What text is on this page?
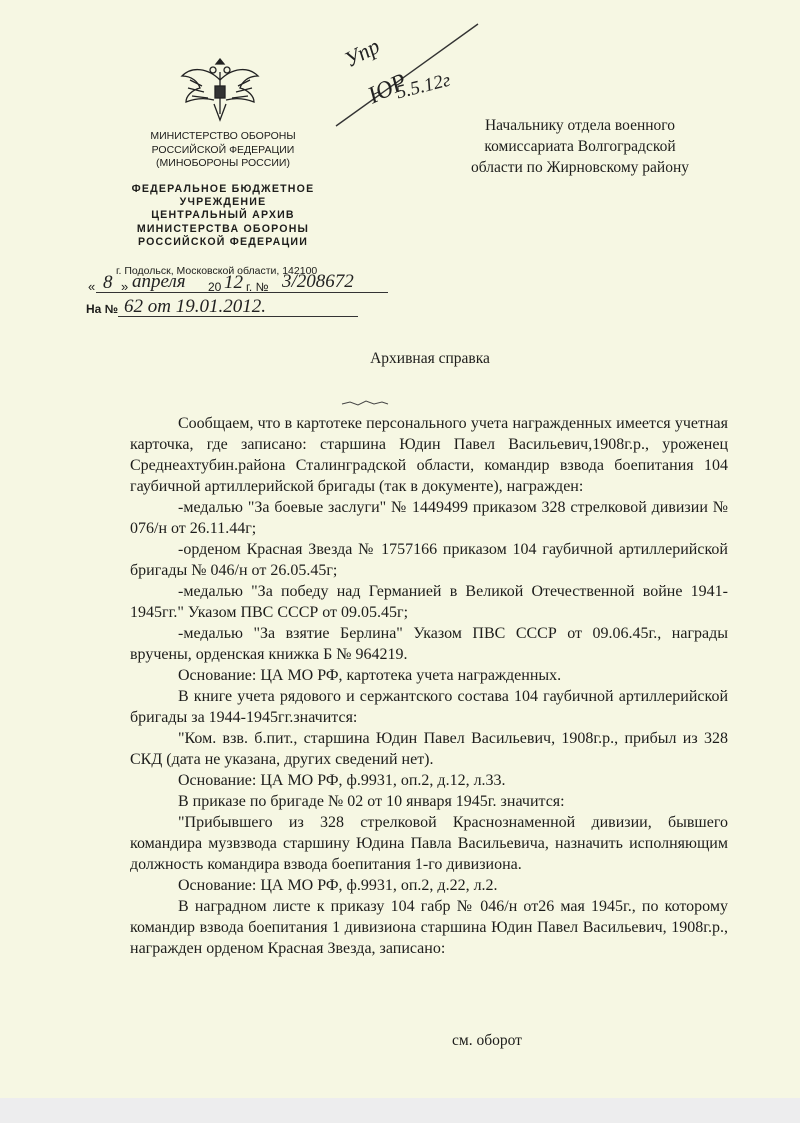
МИНИСТЕРСТВО ОБОРОНЫ
РОССИЙСКОЙ ФЕДЕРАЦИИ
(МИНОБОРОНЫ РОССИИ)
ФЕДЕРАЛЬНОЕ БЮДЖЕТНОЕ
УЧРЕЖДЕНИЕ
ЦЕНТРАЛЬНЫЙ АРХИВ
МИНИСТЕРСТВА ОБОРОНЫ
РОССИЙСКОЙ ФЕДЕРАЦИИ
г. Подольск, Московской области, 142100
« 8 » апреля 20 12 г. № 3/208672
На № 62 от 19.01.2012.
Упр
ЮР
5.5.12г
Начальнику отдела военного
комиссариата Волгоградской
области по Жирновскому району
Архивная справка

Сообщаем, что в картотеке персонального учета награжденных имеется учетная карточка, где записано: старшина Юдин Павел Васильевич,1908г.р., уроженец Среднеахтубин.района Сталинградской области, командир взвода боепитания 104 гаубичной артиллерийской бригады (так в документе), награжден:

-медалью "За боевые заслуги" № 1449499 приказом 328 стрелковой дивизии № 076/н от 26.11.44г;

-орденом Красная Звезда № 1757166 приказом 104 гаубичной артиллерийской бригады № 046/н от 26.05.45г;

-медалью "За победу над Германией в Великой Отечественной войне 1941-1945гг." Указом ПВС СССР от 09.05.45г;

-медалью "За взятие Берлина" Указом ПВС СССР от 09.06.45г., награды вручены, орденская книжка Б № 964219.

Основание: ЦА МО РФ, картотека учета награжденных.

В книге учета рядового и сержантского состава 104 гаубичной артиллерийской бригады за 1944-1945гг.значится:

"Ком. взв. б.пит., старшина Юдин Павел Васильевич, 1908г.р., прибыл из 328 СКД (дата не указана, других сведений нет).

Основание: ЦА МО РФ, ф.9931, оп.2, д.12, л.33.

В приказе по бригаде № 02 от 10 января 1945г. значится:

"Прибывшего из 328 стрелковой Краснознаменной дивизии, бывшего командира музвзвода старшину Юдина Павла Васильевича, назначить исполняющим должность командира взвода боепитания 1-го дивизиона.

Основание: ЦА МО РФ, ф.9931, оп.2, д.22, л.2.

В наградном листе к приказу 104 габр № 046/н от26 мая 1945г., по которому командир взвода боепитания 1 дивизиона старшина Юдин Павел Васильевич, 1908г.р., награжден орденом Красная Звезда, записано:

см. оборот
